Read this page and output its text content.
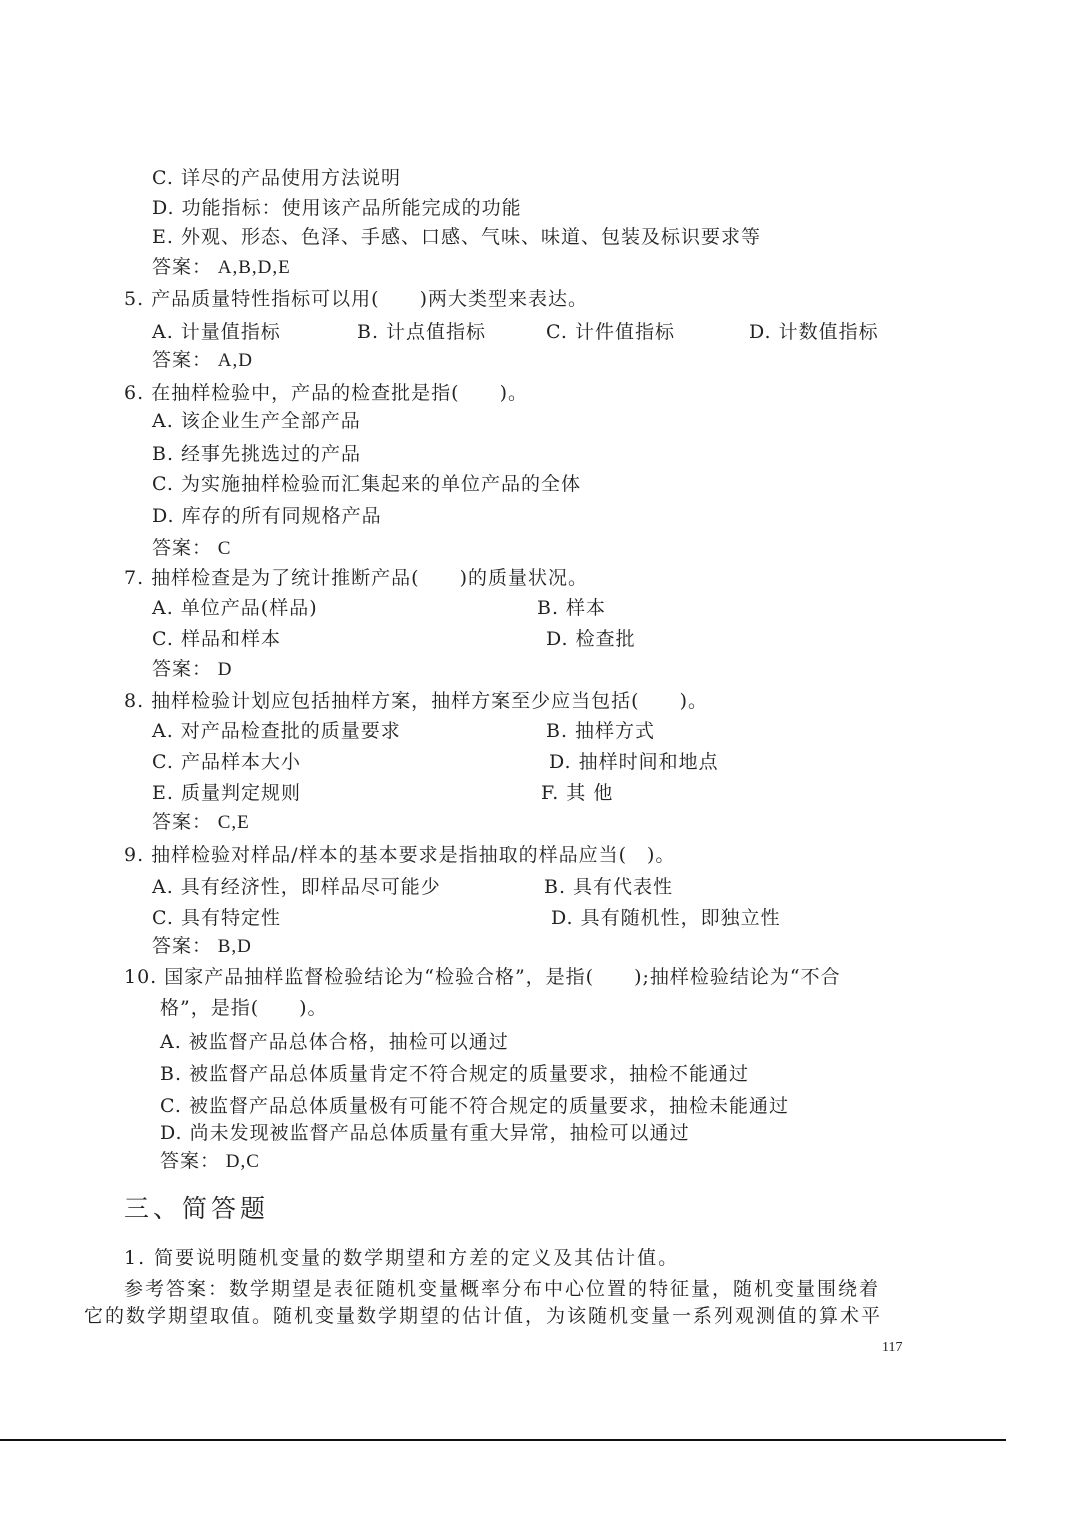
C. 详尽的产品使用方法说明
D. 功能指标：使用该产品所能完成的功能
E. 外观、形态、色泽、手感、口感、气味、味道、包装及标识要求等
答案： A,B,D,E
5. 产品质量特性指标可以用(　　)两大类型来表达。
A. 计量值指标	B. 计点值指标	C. 计件值指标	D. 计数值指标
答案： A,D
6. 在抽样检验中，产品的检查批是指(　　)。
A. 该企业生产全部产品
B. 经事先挑选过的产品
C. 为实施抽样检验而汇集起来的单位产品的全体
D. 库存的所有同规格产品
答案： C
7. 抽样检查是为了统计推断产品(　　)的质量状况。
A. 单位产品(样品)	B. 样本
C. 样品和样本	D. 检查批
答案： D
8. 抽样检验计划应包括抽样方案，抽样方案至少应当包括(　　)。
A. 对产品检查批的质量要求	B. 抽样方式
C. 产品样本大小	D. 抽样时间和地点
E. 质量判定规则	F. 其 他
答案： C,E
9. 抽样检验对样品/样本的基本要求是指抽取的样品应当(　)。
A. 具有经济性，即样品尽可能少	B. 具有代表性
C. 具有特定性	D. 具有随机性，即独立性
答案： B,D
10. 国家产品抽样监督检验结论为“检验合格”，是指(　　);抽样检验结论为“不合
格”，是指(　　)。
A. 被监督产品总体合格，抽检可以通过
B. 被监督产品总体质量肯定不符合规定的质量要求，抽检不能通过
C. 被监督产品总体质量极有可能不符合规定的质量要求，抽检未能通过
D. 尚未发现被监督产品总体质量有重大异常，抽检可以通过
答案： D,C
三、简答题
1. 简要说明随机变量的数学期望和方差的定义及其估计值。
参考答案：数学期望是表征随机变量概率分布中心位置的特征量，随机变量围绕着
它的数学期望取值。随机变量数学期望的估计值，为该随机变量一系列观测值的算术平
117
